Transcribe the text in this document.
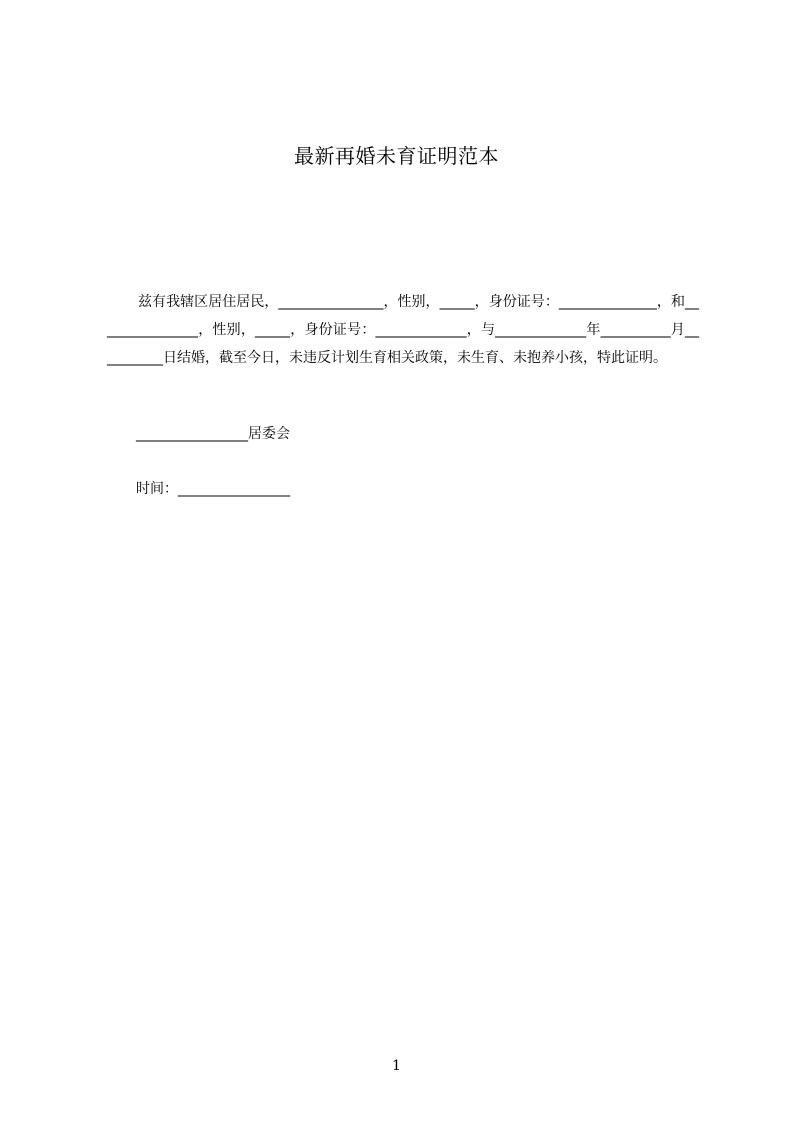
最新再婚未育证明范本

兹有我辖区居住居民，_______________，性别，_____，身份证号：______________，和_______________，性别，_____，身份证号：_____________，与_____________年__________月__________日结婚，截至今日，未违反计划生育相关政策，未生育、未抱养小孩，特此证明。

________________居委会
时间：________________
1
